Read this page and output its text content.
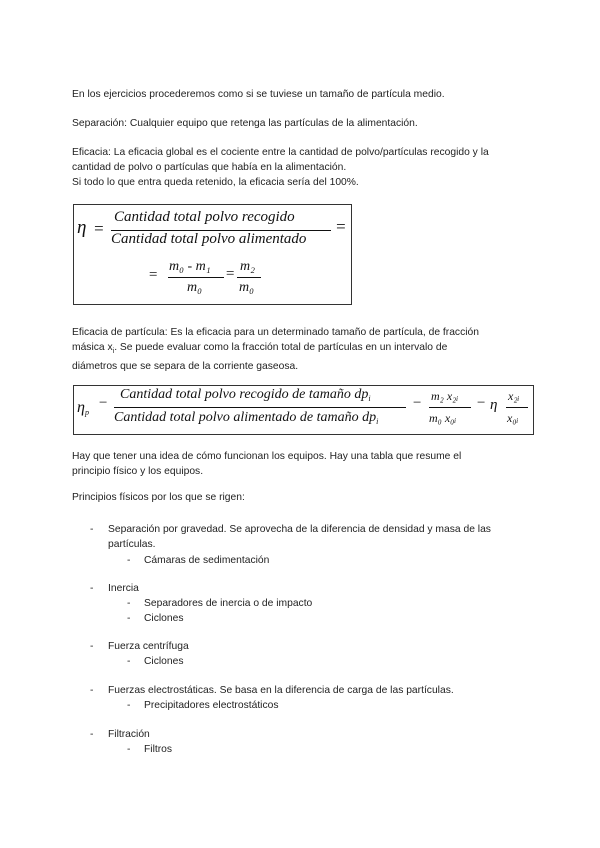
En los ejercicios procederemos como si se tuviese un tamaño de partícula medio.

Separación: Cualquier equipo que retenga las partículas de la alimentación.

Eficacia: La eficacia global es el cociente entre la cantidad de polvo/partículas recogido y la
cantidad de polvo o partículas que había en la alimentación.
Si todo lo que entra queda retenido, la eficacia sería del 100%.

η =
Cantidad total polvo recogido
Cantidad total polvo alimentado
=
=
m₀ - m₁
m₀
= m₂
m₀

Eficacia de partícula: Es la eficacia para un determinado tamaño de partícula, de fracción
másica $x_i$. Se puede evaluar como la fracción total de partículas en un intervalo de
diámetros que se separa de la corriente gaseosa.

$\eta_p$
−
Cantidad total polvo recogido de tamaño $dp_i$
Cantidad total polvo alimentado de tamaño $dp_i$
− m₂ x₂ᵢ
m₀ x₀ᵢ
− η
x₂ᵢ
x₀ᵢ

Hay que tener una idea de cómo funcionan los equipos. Hay una tabla que resume el
principio físico y los equipos.

Principios físicos por los que se rigen:

- Separación por gravedad. Se aprovecha de la diferencia de densidad y masa de las
partículas.
- Cámaras de sedimentación
- Inercia
- Separadores de inercia o de impacto
- Ciclones
- Fuerza centrífuga
- Ciclones
- Fuerzas electrostáticas. Se basa en la diferencia de carga de las partículas.
- Precipitadores electrostáticos
- Filtración
- Filtros
